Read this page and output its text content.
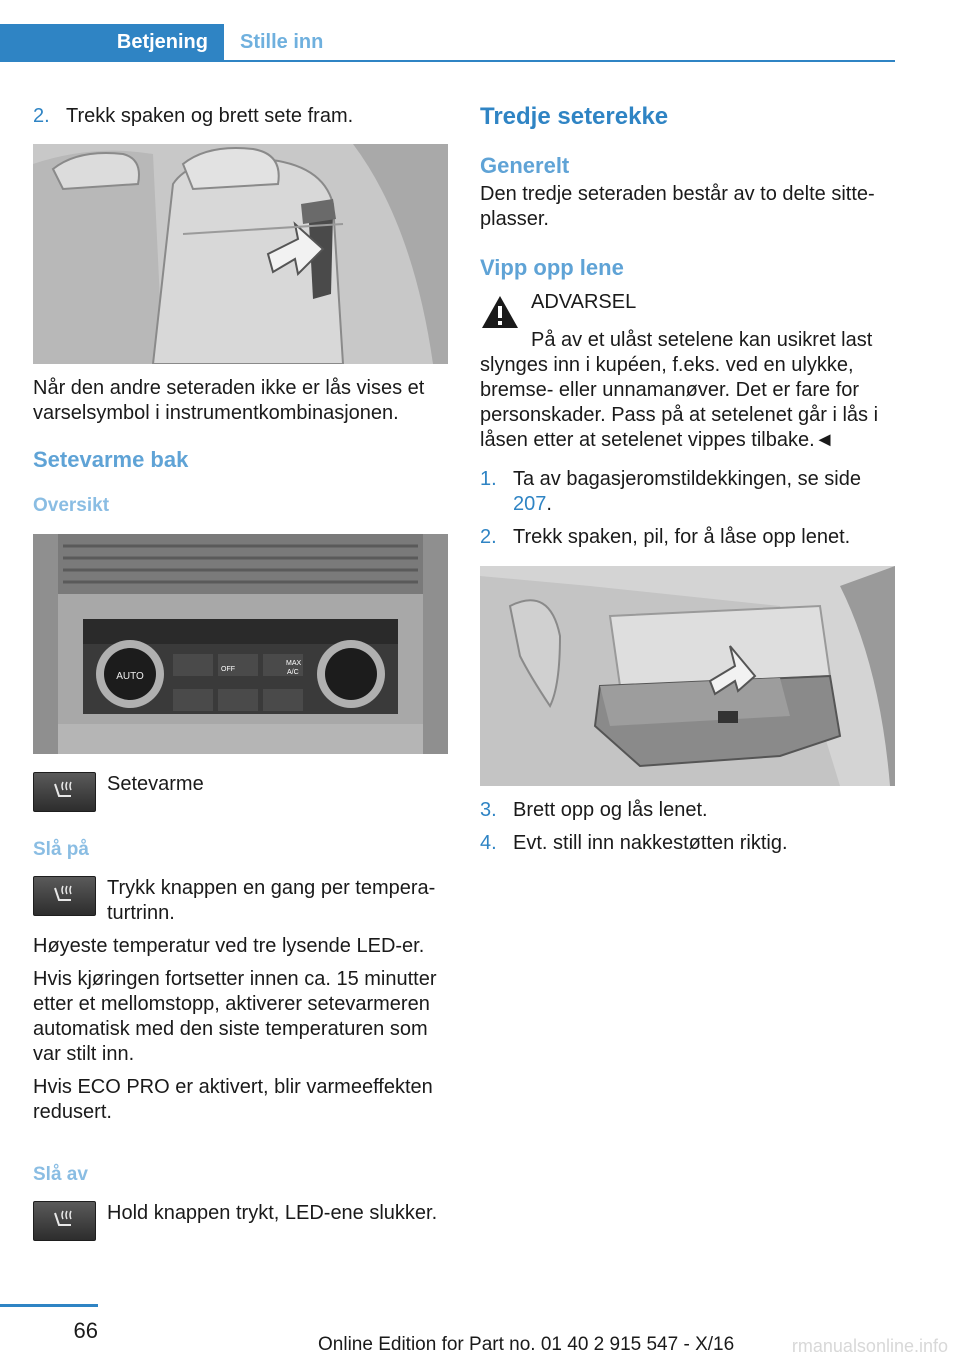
Betjening	Stille inn
2. Trekk spaken og brett sete fram.

Når den andre seteraden ikke er lås vises et varselsymbol i instrumentkombinasjonen.

Setevarme bak
Oversikt
AUTO
OFF
MAX
A/C
Setevarme
Slå på
Trykk knappen en gang per tempera‐turtrinn.

Høyeste temperatur ved tre lysende LED-er.

Hvis kjøringen fortsetter innen ca. 15 minutter etter et mellomstopp, aktiverer setevarmeren automatisk med den siste temperaturen som var stilt inn.

Hvis ECO PRO er aktivert, blir varmeeffekten redusert.

Slå av
Hold knappen trykt, LED-ene slukker.
Tredje seterekke
Generelt

Den tredje seteraden består av to delte sitte‐plasser.

Vipp opp lene
ADVARSEL

På av et ulåst setelene kan usikret last slynges inn i kupéen, f.eks. ved en ulykke, bremse- eller unnamanøver. Det er fare for personskader. Pass på at setelenet går i lås i låsen etter at setelenet vippes tilbake.◄

1. Ta av bagasjeromstildekkingen, se side 207.
2. Trekk spaken, pil, for å låse opp lenet.
3. Brett opp og lås lenet.
4. Evt. still inn nakkestøtten riktig.
66
Online Edition for Part no. 01 40 2 915 547 - X/16	rmanualsonline.info
